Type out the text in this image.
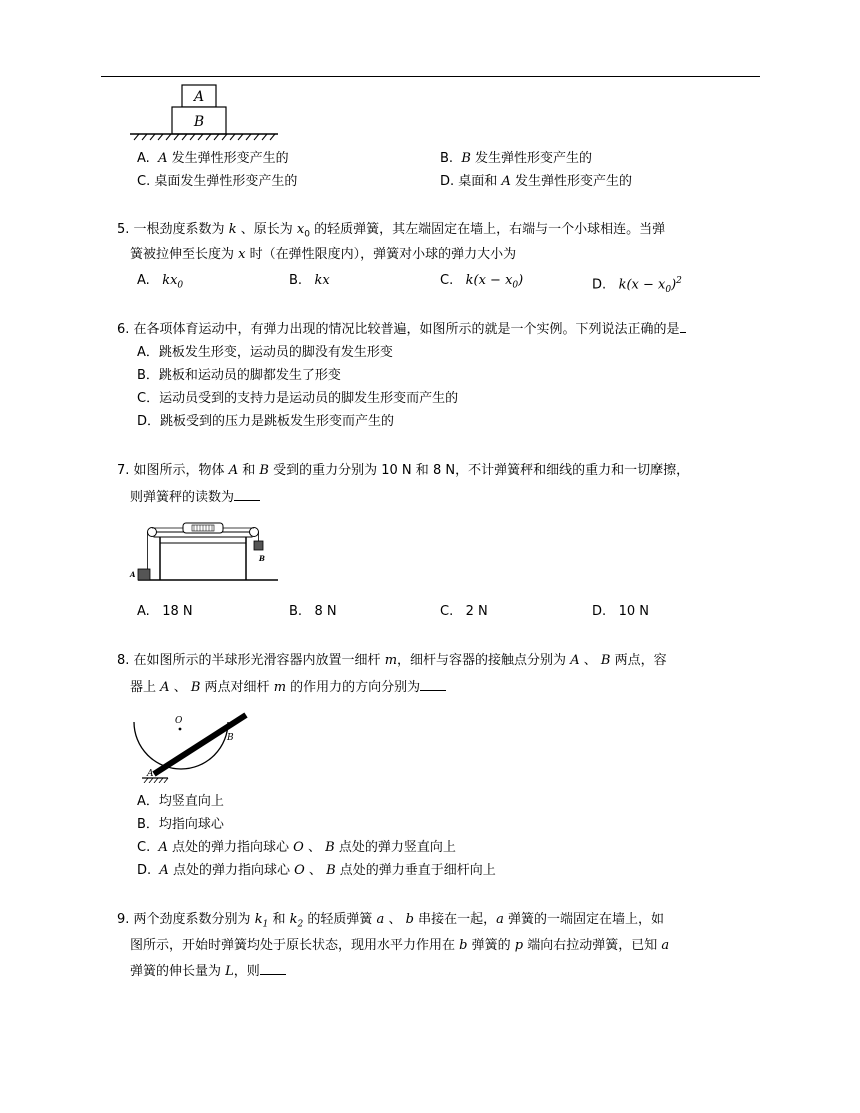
A
B
A. A 发生弹性形变产生的	B. B 发生弹性形变产生的
C. 桌面发生弹性形变产生的	D. 桌面和 A 发生弹性形变产生的
5. 一根劲度系数为 k 、原长为 $x_0$ 的轻质弹簧，其左端固定在墙上，右端与一个小球相连。当弹
簧被拉伸至长度为 x 时（在弹性限度内），弹簧对小球的弹力大小为
A. $kx_0$	B. kx	C. $k(x - x_0)$	D. $k(x - x_0)^2$
6. 在各项体育运动中，有弹力出现的情况比较普遍，如图所示的就是一个实例。下列说法正确的是
A．跳板发生形变，运动员的脚没有发生形变
B．跳板和运动员的脚都发生了形变
C．运动员受到的支持力是运动员的脚发生形变而产生的
D．跳板受到的压力是跳板发生形变而产生的
7. 如图所示，物体 A 和 B 受到的重力分别为 10 N 和 8 N，不计弹簧秤和细线的重力和一切摩擦，
则弹簧秤的读数为
A
B
A. 18 N	B. 8 N	C. 2 N	D. 10 N
8. 在如图所示的半球形光滑容器内放置一细杆 m，细杆与容器的接触点分别为 A 、 B 两点，容
器上 A 、 B 两点对细杆 m 的作用力的方向分别为
O
A
B
A．均竖直向上
B．均指向球心
C. A 点处的弹力指向球心 O 、 B 点处的弹力竖直向上
D. A 点处的弹力指向球心 O 、 B 点处的弹力垂直于细杆向上
9. 两个劲度系数分别为 $k_1$ 和 $k_2$ 的轻质弹簧 a 、 b 串接在一起，a 弹簧的一端固定在墙上，如
图所示，开始时弹簧均处于原长状态，现用水平力作用在 b 弹簧的 p 端向右拉动弹簧，已知 a
弹簧的伸长量为 L，则
